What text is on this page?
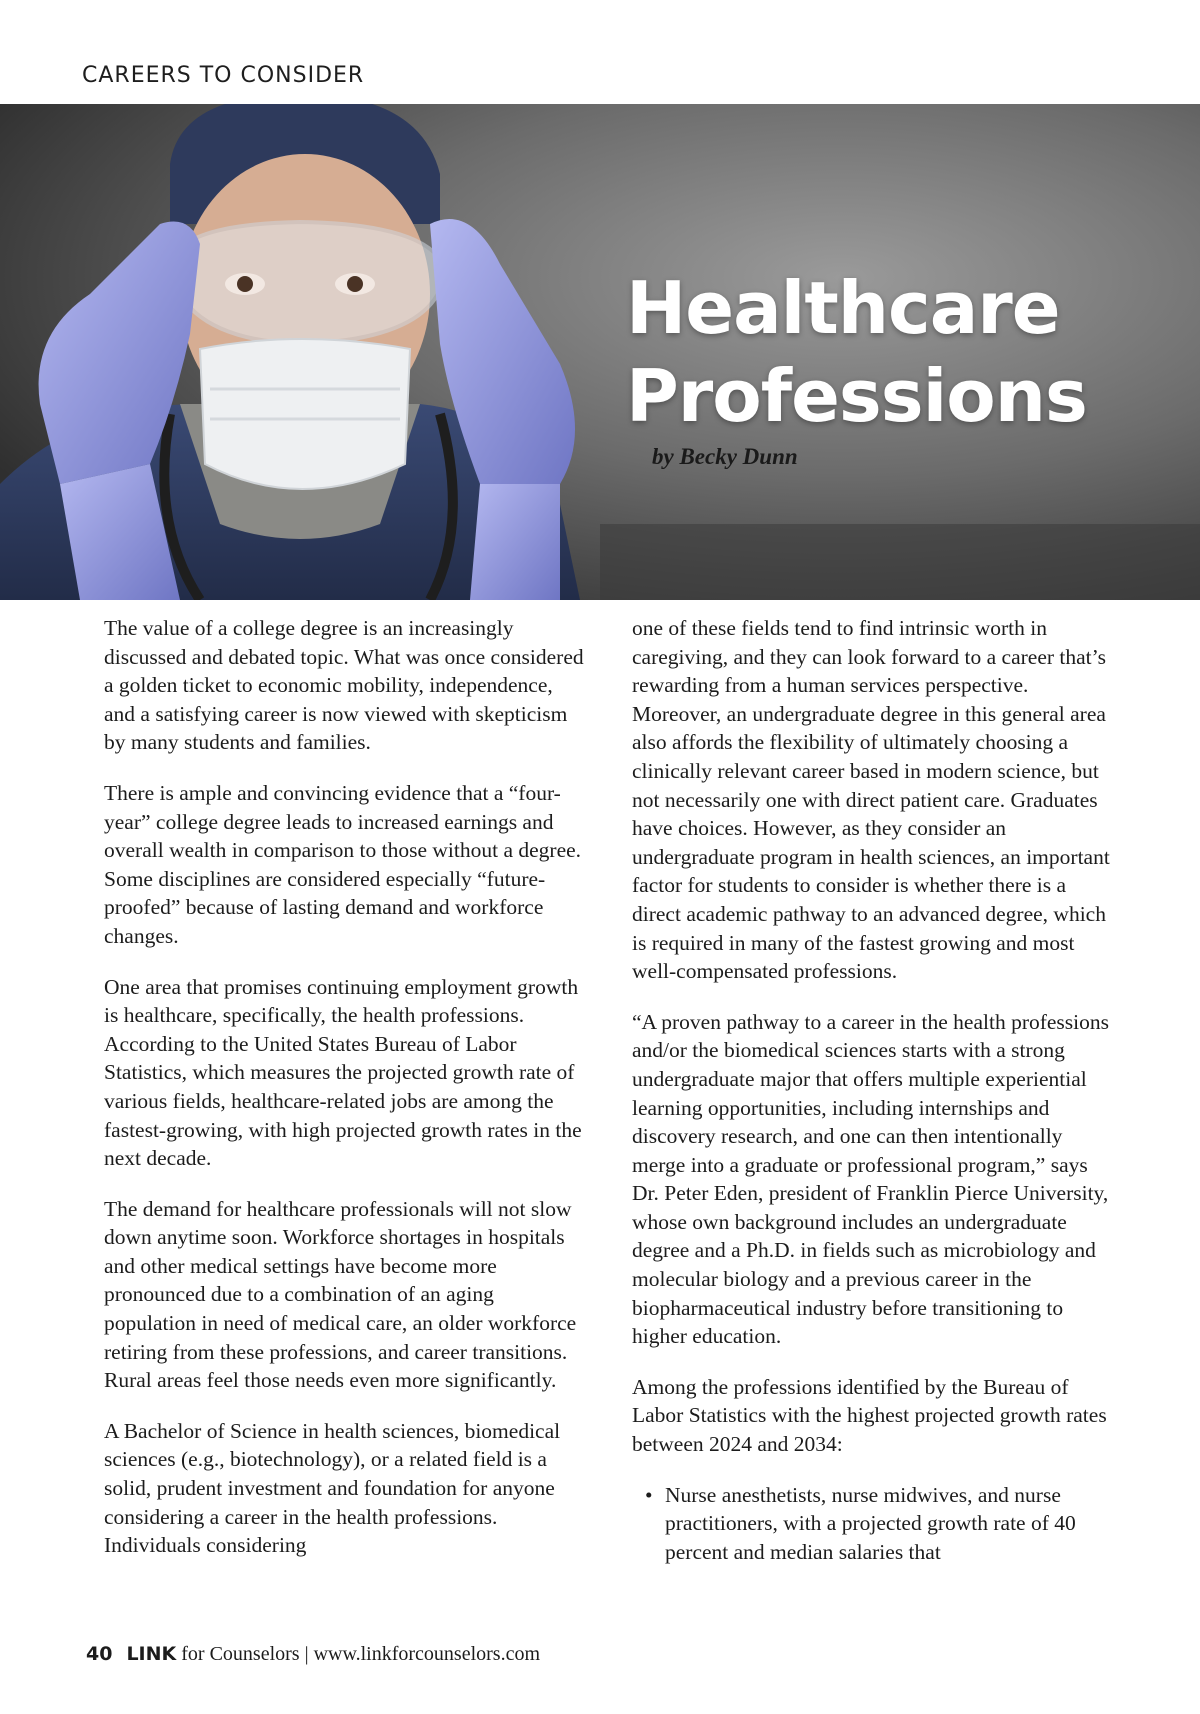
CAREERS TO CONSIDER

Healthcare
Professions

by Becky Dunn

The value of a college degree is an increasingly discussed and debated topic. What was once considered a golden ticket to economic mobility, independence, and a satisfying career is now viewed with skepticism by many students and families.

There is ample and convincing evidence that a “four-year” college degree leads to increased earnings and overall wealth in comparison to those without a degree. Some disciplines are considered especially “future-proofed” because of lasting demand and workforce changes.

One area that promises continuing employment growth is healthcare, specifically, the health professions. According to the United States Bureau of Labor Statistics, which measures the projected growth rate of various fields, healthcare-related jobs are among the fastest-growing, with high projected growth rates in the next decade.

The demand for healthcare professionals will not slow down anytime soon. Workforce shortages in hospitals and other medical settings have become more pronounced due to a combination of an aging population in need of medical care, an older workforce retiring from these professions, and career transitions. Rural areas feel those needs even more significantly.

A Bachelor of Science in health sciences, biomedical sciences (e.g., biotechnology), or a related field is a solid, prudent investment and foundation for anyone considering a career in the health professions. Individuals considering

one of these fields tend to find intrinsic worth in caregiving, and they can look forward to a career that’s rewarding from a human services perspective. Moreover, an undergraduate degree in this general area also affords the flexibility of ultimately choosing a clinically relevant career based in modern science, but not necessarily one with direct patient care. Graduates have choices. However, as they consider an undergraduate program in health sciences, an important factor for students to consider is whether there is a direct academic pathway to an advanced degree, which is required in many of the fastest growing and most well-compensated professions.

“A proven pathway to a career in the health professions and/or the biomedical sciences starts with a strong undergraduate major that offers multiple experiential learning opportunities, including internships and discovery research, and one can then intentionally merge into a graduate or professional program,” says Dr. Peter Eden, president of Franklin Pierce University, whose own background includes an undergraduate degree and a Ph.D. in fields such as microbiology and molecular biology and a previous career in the biopharmaceutical industry before transitioning to higher education.

Among the professions identified by the Bureau of Labor Statistics with the highest projected growth rates between 2024 and 2034:

• Nurse anesthetists, nurse midwives, and nurse practitioners, with a projected growth rate of 40 percent and median salaries that
40 LINK for Counselors | www.linkforcounselors.com
